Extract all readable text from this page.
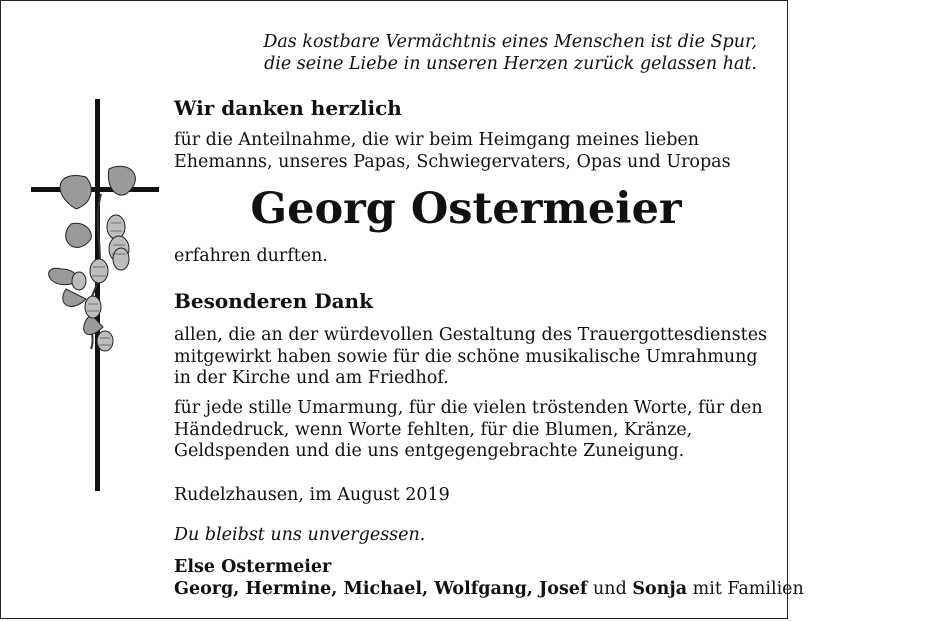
Das kostbare Vermächtnis eines Menschen ist die Spur,
die seine Liebe in unseren Herzen zurück gelassen hat.
Wir danken herzlich
für die Anteilnahme, die wir beim Heimgang meines lieben
Ehemanns, unseres Papas, Schwiegervaters, Opas und Uropas
Georg Ostermeier
erfahren durften.
Besonderen Dank
allen, die an der würdevollen Gestaltung des Trauergottesdienstes
mitgewirkt haben sowie für die schöne musikalische Umrahmung
in der Kirche und am Friedhof.
für jede stille Umarmung, für die vielen tröstenden Worte, für den
Händedruck, wenn Worte fehlten, für die Blumen, Kränze,
Geldspenden und die uns entgegengebrachte Zuneigung.
Rudelzhausen, im August 2019
Du bleibst uns unvergessen.
Else Ostermeier
Georg, Hermine, Michael, Wolfgang, Josef und Sonja mit Familien
